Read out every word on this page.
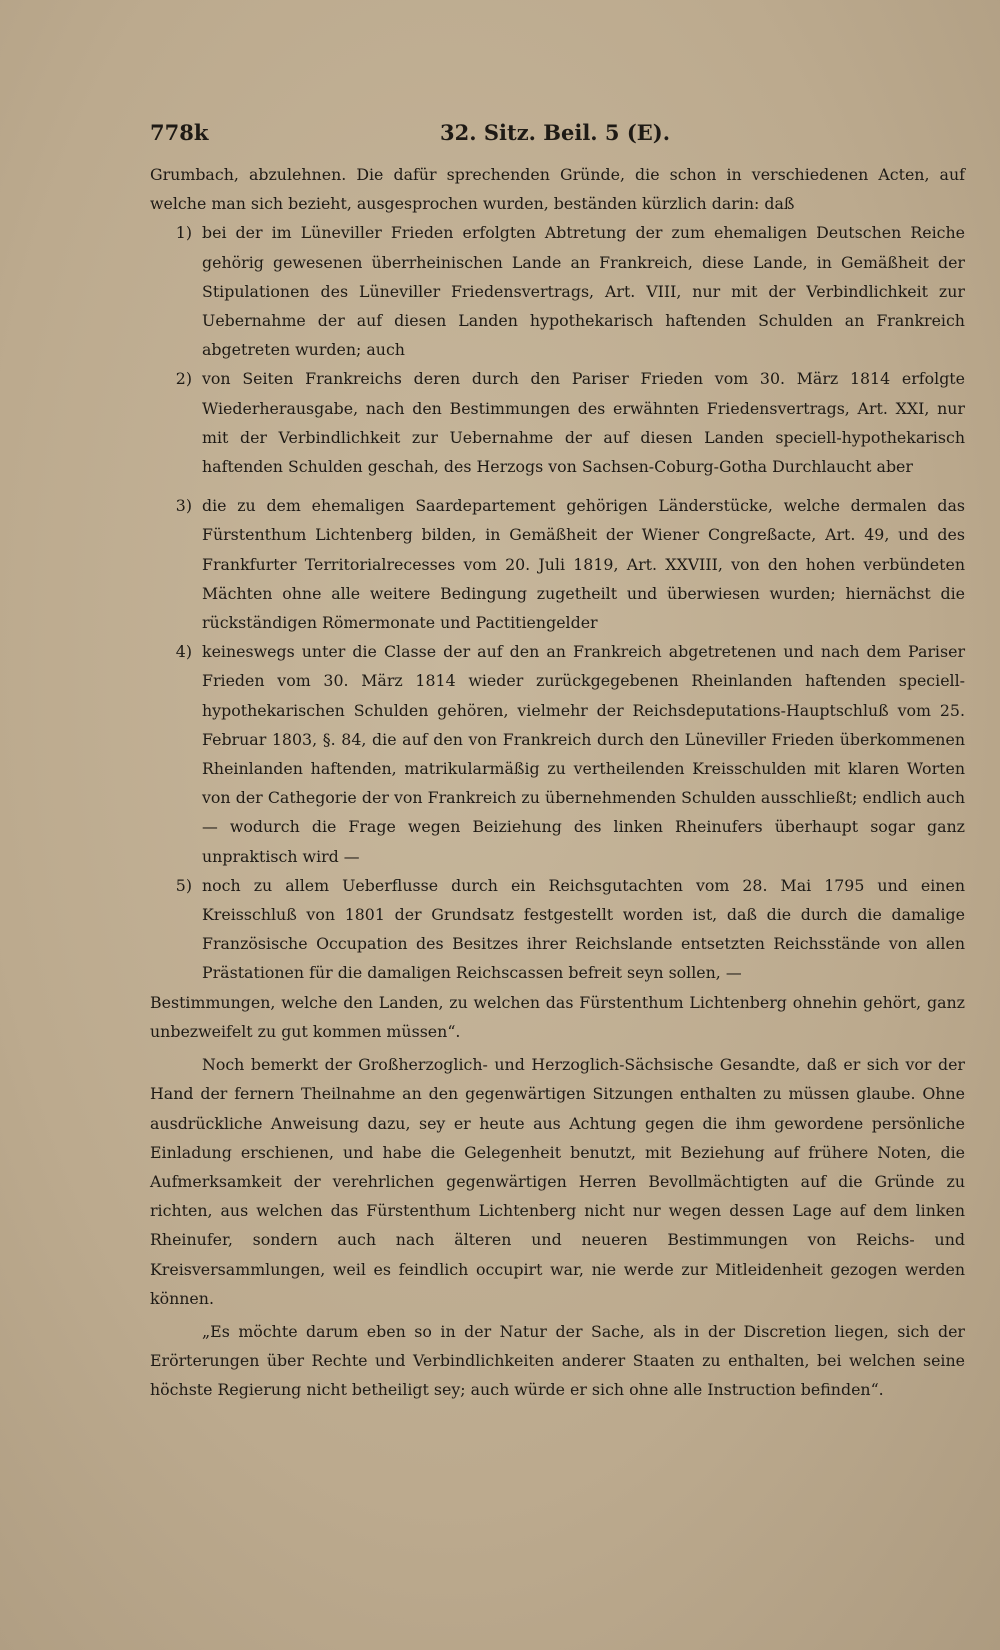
778k	32. Sitz. Beil. 5 (E).

Grumbach, abzulehnen. Die dafür sprechenden Gründe, die schon in verschiedenen Acten, auf welche man sich bezieht, ausgesprochen wurden, beständen kürzlich darin: daß

1) bei der im Lüneviller Frieden erfolgten Abtretung der zum ehemaligen Deutschen Reiche gehörig gewesenen überrheinischen Lande an Frankreich, diese Lande, in Gemäßheit der Stipulationen des Lüneviller Friedensvertrags, Art. VIII, nur mit der Verbindlichkeit zur Uebernahme der auf diesen Landen hypothekarisch haftenden Schulden an Frankreich abgetreten wurden; auch
2) von Seiten Frankreichs deren durch den Pariser Frieden vom 30. März 1814 erfolgte Wiederherausgabe, nach den Bestimmungen des erwähnten Friedensvertrags, Art. XXI, nur mit der Verbindlichkeit zur Uebernahme der auf diesen Landen speciell-hypothekarisch haftenden Schulden geschah, des Herzogs von Sachsen-Coburg-Gotha Durchlaucht aber
3) die zu dem ehemaligen Saardepartement gehörigen Länderstücke, welche dermalen das Fürstenthum Lichtenberg bilden, in Gemäßheit der Wiener Congreßacte, Art. 49, und des Frankfurter Territorialrecesses vom 20. Juli 1819, Art. XXVIII, von den hohen verbündeten Mächten ohne alle weitere Bedingung zugetheilt und überwiesen wurden; hiernächst die rückständigen Römermonate und Pactitiengelder
4) keineswegs unter die Classe der auf den an Frankreich abgetretenen und nach dem Pariser Frieden vom 30. März 1814 wieder zurückgegebenen Rheinlanden haftenden speciell-hypothekarischen Schulden gehören, vielmehr der Reichsdeputations-Hauptschluß vom 25. Februar 1803, §. 84, die auf den von Frankreich durch den Lüneviller Frieden überkommenen Rheinlanden haftenden, matrikularmäßig zu vertheilenden Kreisschulden mit klaren Worten von der Cathegorie der von Frankreich zu übernehmenden Schulden ausschließt; endlich auch — wodurch die Frage wegen Beiziehung des linken Rheinufers überhaupt sogar ganz unpraktisch wird —
5) noch zu allem Ueberflusse durch ein Reichsgutachten vom 28. Mai 1795 und einen Kreisschluß von 1801 der Grundsatz festgestellt worden ist, daß die durch die damalige Französische Occupation des Besitzes ihrer Reichslande entsetzten Reichsstände von allen Prästationen für die damaligen Reichscassen befreit seyn sollen, —

Bestimmungen, welche den Landen, zu welchen das Fürstenthum Lichtenberg ohnehin gehört, ganz unbezweifelt zu gut kommen müssen“.

Noch bemerkt der Großherzoglich- und Herzoglich-Sächsische Gesandte, daß er sich vor der Hand der fernern Theilnahme an den gegenwärtigen Sitzungen enthalten zu müssen glaube. Ohne ausdrückliche Anweisung dazu, sey er heute aus Achtung gegen die ihm gewordene persönliche Einladung erschienen, und habe die Gelegenheit benutzt, mit Beziehung auf frühere Noten, die Aufmerksamkeit der verehrlichen gegenwärtigen Herren Bevollmächtigten auf die Gründe zu richten, aus welchen das Fürstenthum Lichtenberg nicht nur wegen dessen Lage auf dem linken Rheinufer, sondern auch nach älteren und neueren Bestimmungen von Reichs- und Kreisversammlungen, weil es feindlich occupirt war, nie werde zur Mitleidenheit gezogen werden können.

„Es möchte darum eben so in der Natur der Sache, als in der Discretion liegen, sich der Erörterungen über Rechte und Verbindlichkeiten anderer Staaten zu enthalten, bei welchen seine höchste Regierung nicht betheiligt sey; auch würde er sich ohne alle Instruction befinden“.
